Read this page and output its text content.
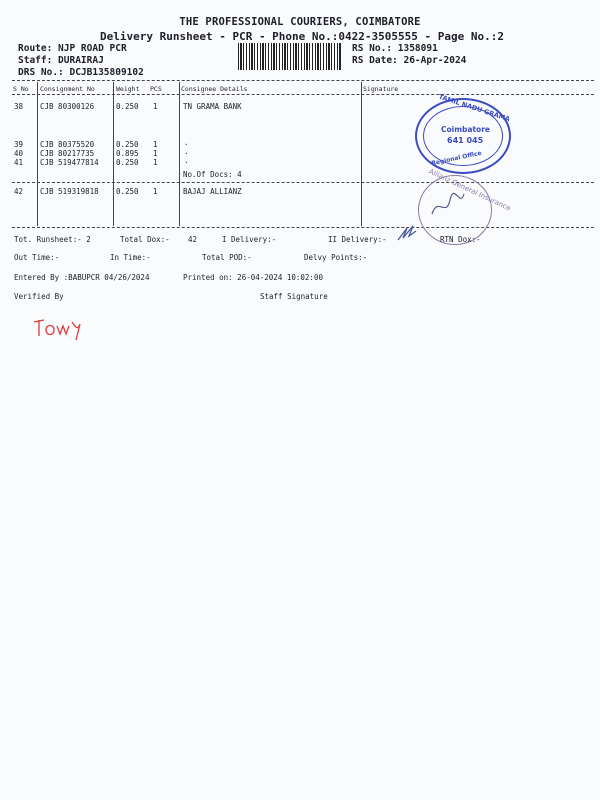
THE PROFESSIONAL COURIERS, COIMBATORE
Delivery Runsheet - PCR - Phone No.:0422-3505555 - Page No.:2
Route: NJP ROAD PCR
Staff: DURAIRAJ
DRS No.: DCJB135809102
RS No.: 1358091
RS Date: 26-Apr-2024
S No Consignment No	Weight PCS	Consignee Details	Signature
38 CJB 80300126	0.250 1	TN GRAMA BANK
39 CJB 80375520	0.250 1	.
40 CJB 80217735	0.895 1	.
41 CJB 519477814 0.250 1	.
No.Of Docs: 4
42 CJB 519319818 0.250 1	BAJAJ ALLIANZ
TAMIL NADU GRAMA
Coimbatore
641 045
Regional Office
Allianz General Insurance
Tot. Runsheet:- 2	Total Dox:- 42	I Delivery:-	II Delivery:-	RTN Dox:-
Out Time:-	In Time:-	Total POD:-	Delvy Points:-
Entered By :BABUPCR 04/26/2024	Printed on: 26-04-2024 10:02:00
Verified By	Staff Signature
